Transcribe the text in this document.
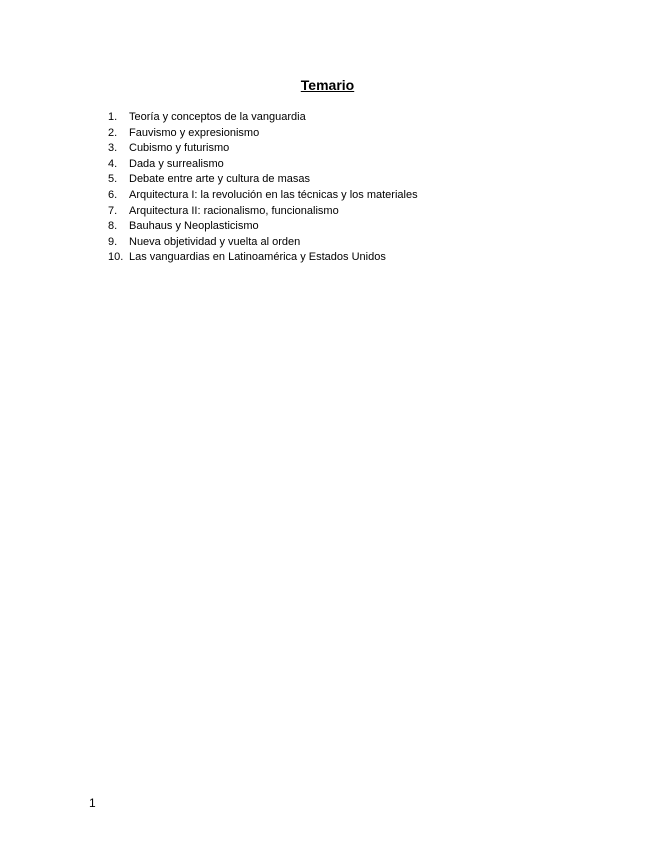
Temario
1.	Teoría y conceptos de la vanguardia
2.	Fauvismo y expresionismo
3.	Cubismo y futurismo
4.	Dada y surrealismo
5.	Debate entre arte y cultura de masas
6.	Arquitectura I: la revolución en las técnicas y los materiales
7.	Arquitectura II: racionalismo, funcionalismo
8.	Bauhaus y Neoplasticismo
9.	Nueva objetividad y vuelta al orden
10. Las vanguardias en Latinoamérica y Estados Unidos
1
